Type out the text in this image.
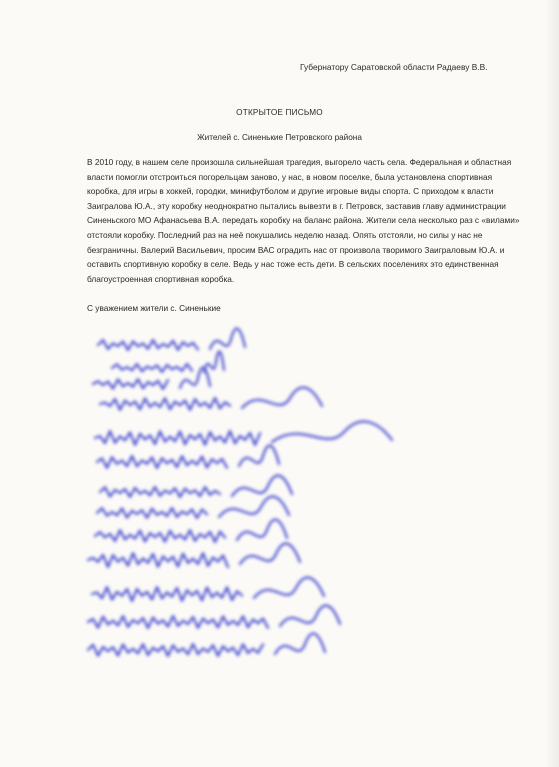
Губернатору Саратовской области Радаеву В.В.
ОТКРЫТОЕ ПИСЬМО
Жителей с. Синенькие Петровского района

В 2010 году, в нашем селе произошла сильнейшая трагедия, выгорело часть села. Федеральная и областная власти помогли отстроиться погорельцам заново, у нас, в новом поселке, была установлена спортивная коробка, для игры в хоккей, городки, минифутболом и другие игровые виды спорта. С приходом к власти Заигралова Ю.А., эту коробку неоднократно пытались вывезти в г. Петровск, заставив главу администрации Синеньского МО Афанасьева В.А. передать коробку на баланс района. Жители села несколько раз с «вилами» отстояли коробку. Последний раз на неё покушались неделю назад. Опять отстояли, но силы у нас не безграничны. Валерий Васильевич, просим ВАС оградить нас от произвола творимого Заиграловым Ю.А. и оставить спортивную коробку в селе. Ведь у нас тоже есть дети. В сельских поселениях это единственная благоустроенная спортивная коробка.

С уважением жители с. Синенькие
